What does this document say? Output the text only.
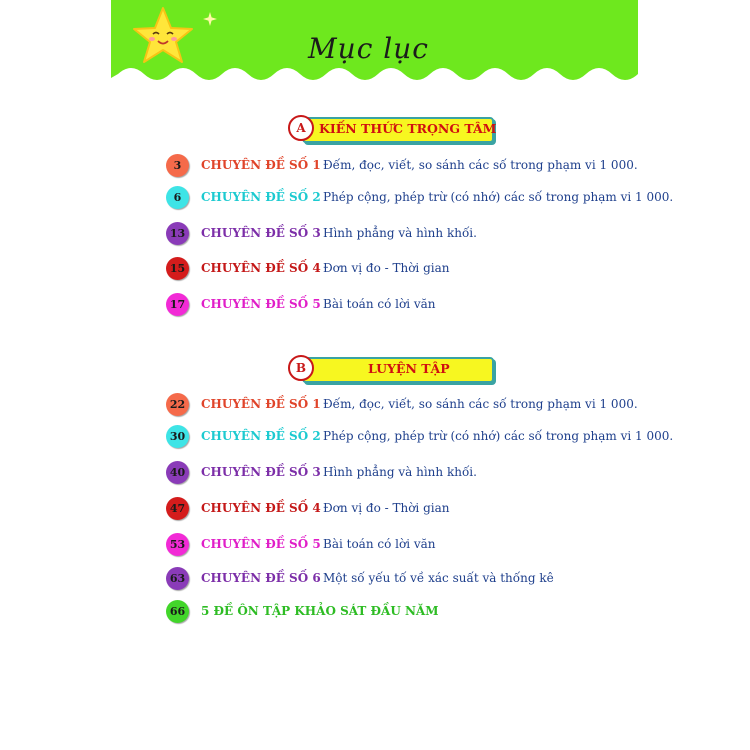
Mục lục
KIẾN THỨC TRỌNG TÂM
A
3	CHUYÊN ĐỀ SỐ 1 Đếm, đọc, viết, so sánh các số trong phạm vi 1 000.
6	CHUYÊN ĐỀ SỐ 2 Phép cộng, phép trừ (có nhớ) các số trong phạm vi 1 000.
13	CHUYÊN ĐỀ SỐ 3 Hình phẳng và hình khối.
15	CHUYÊN ĐỀ SỐ 4 Đơn vị đo - Thời gian
17	CHUYÊN ĐỀ SỐ 5 Bài toán có lời văn
LUYỆN TẬP
B
22	CHUYÊN ĐỀ SỐ 1 Đếm, đọc, viết, so sánh các số trong phạm vi 1 000.
30	CHUYÊN ĐỀ SỐ 2 Phép cộng, phép trừ (có nhớ) các số trong phạm vi 1 000.
40	CHUYÊN ĐỀ SỐ 3 Hình phẳng và hình khối.
47	CHUYÊN ĐỀ SỐ 4 Đơn vị đo - Thời gian
53	CHUYÊN ĐỀ SỐ 5 Bài toán có lời văn
63	CHUYÊN ĐỀ SỐ 6 Một số yếu tố về xác suất và thống kê
66	5 ĐỀ ÔN TẬP KHẢO SÁT ĐẦU NĂM
